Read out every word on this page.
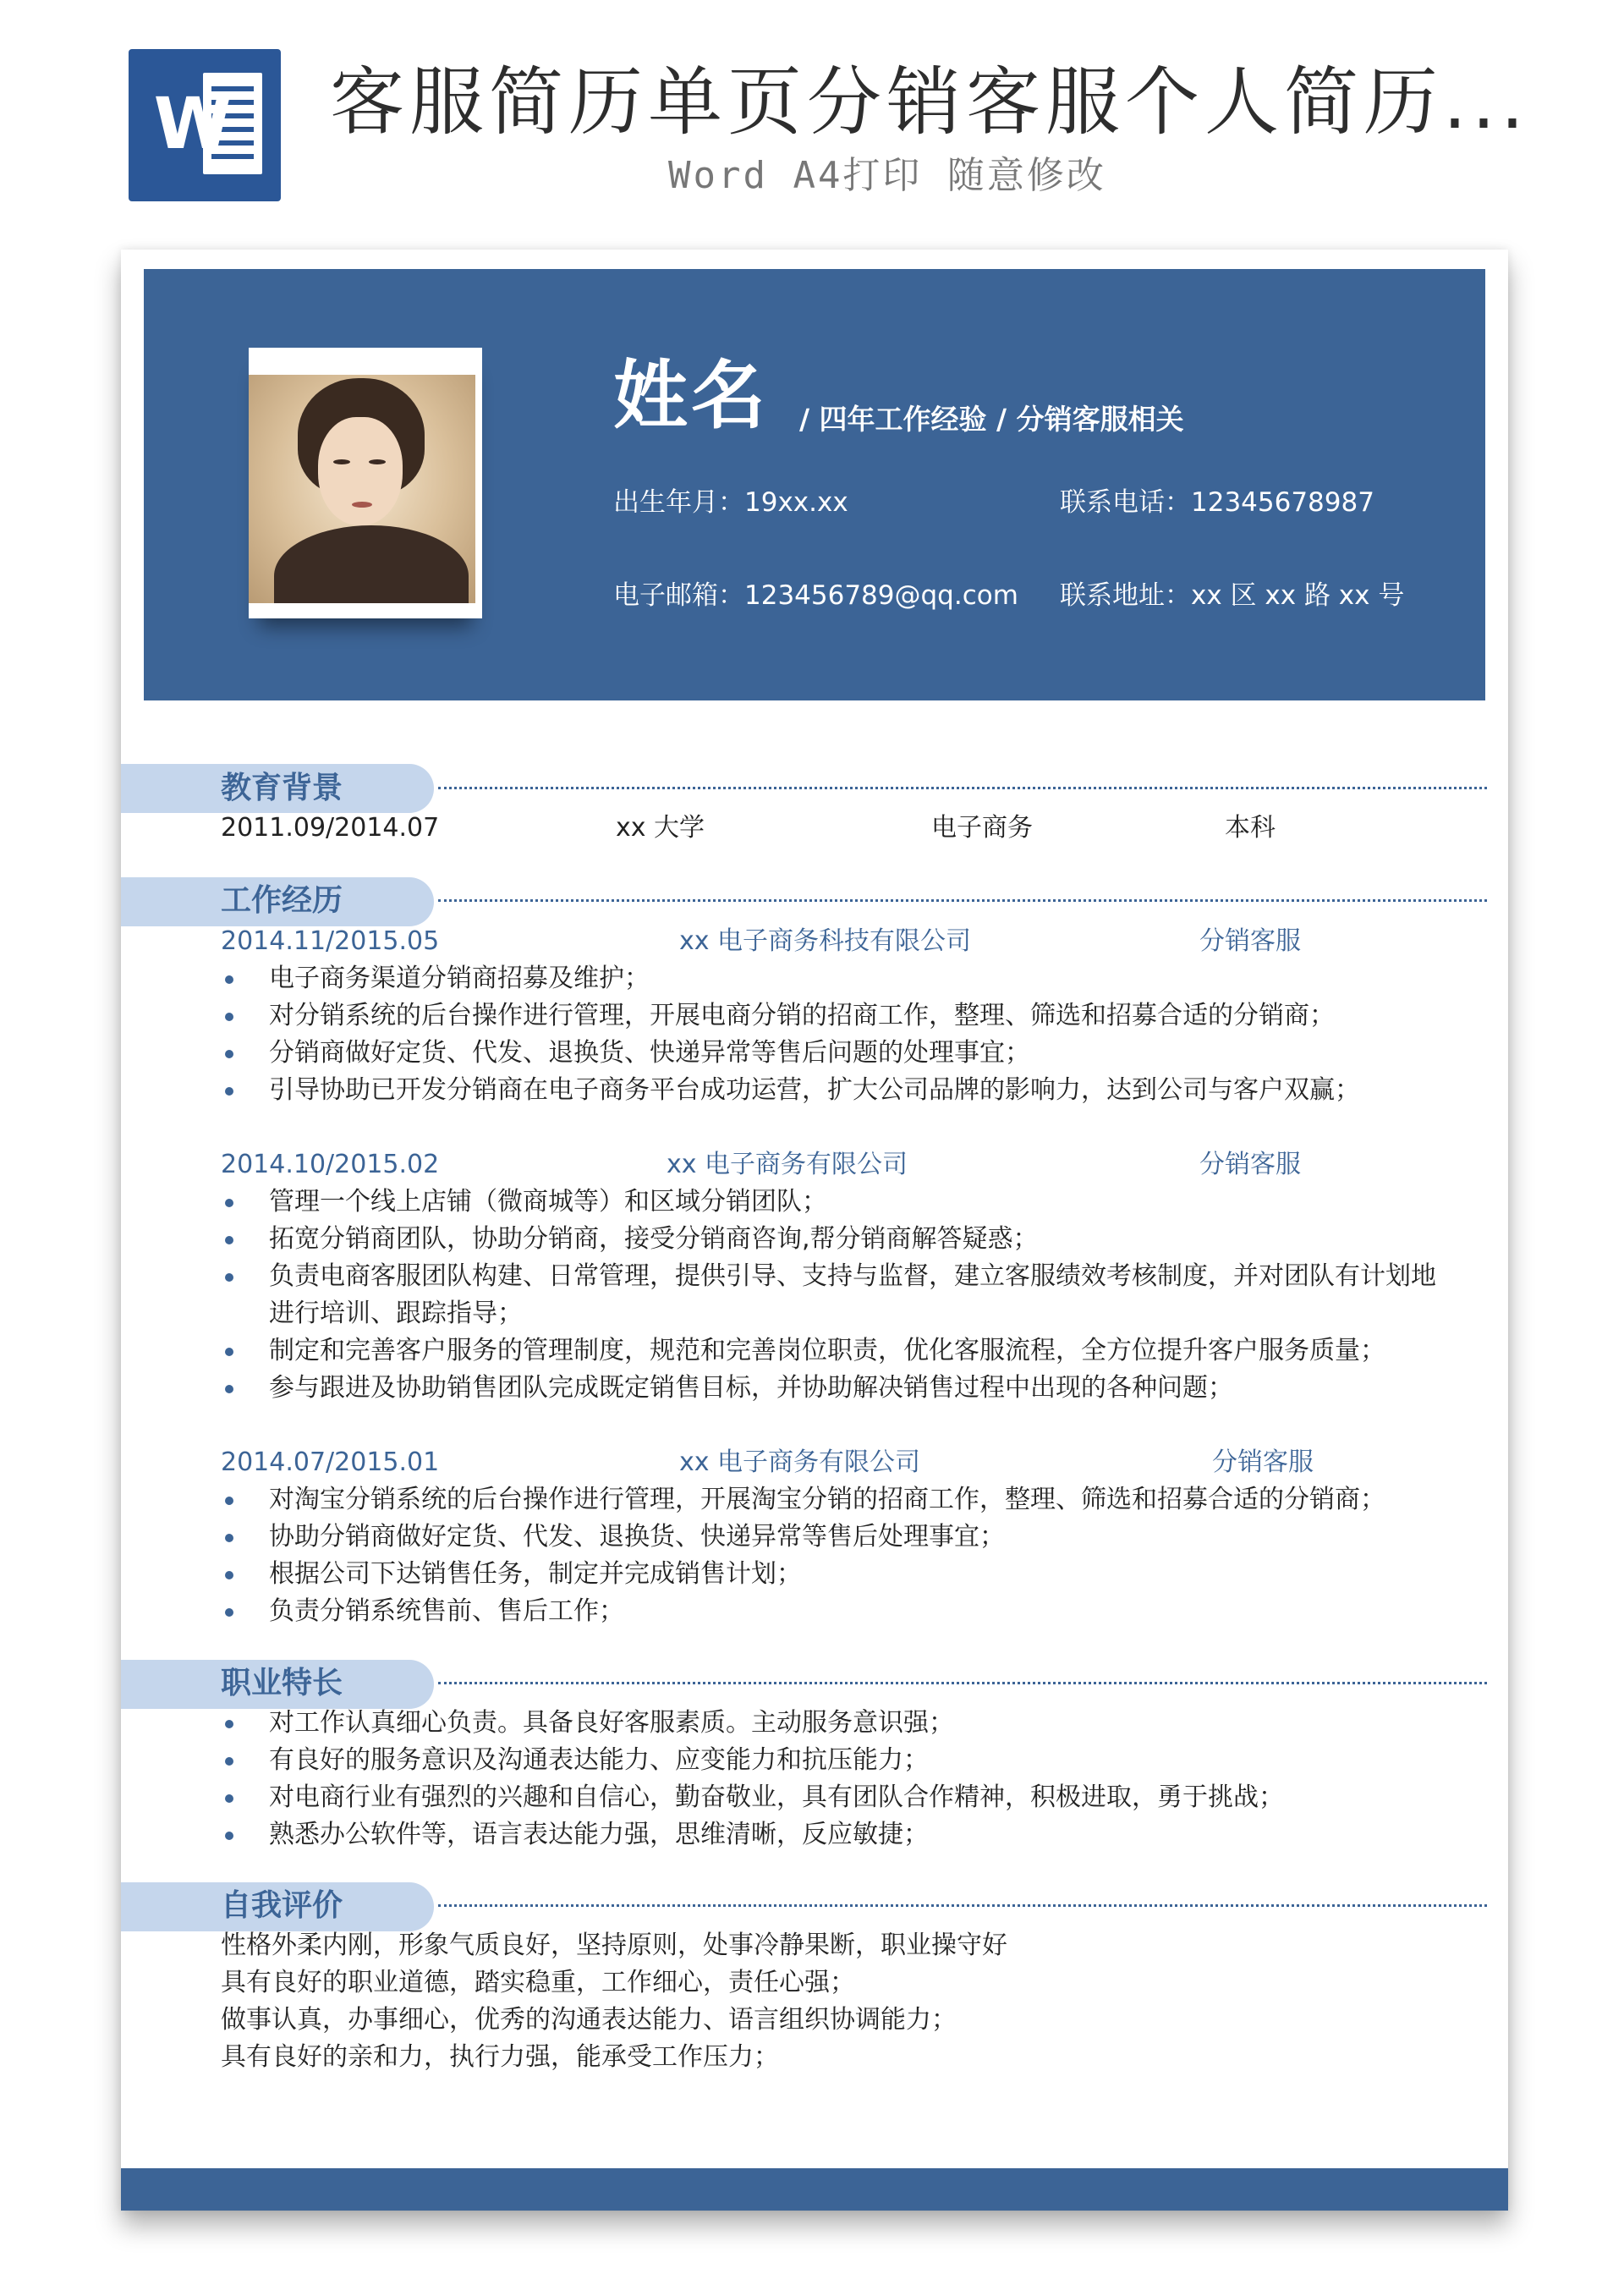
W 客服简历单页分销客服个人简历...
Word A4打印 随意修改
姓名 / 四年工作经验 / 分销客服相关
出生年月：19xx.xx	联系电话：12345678987
电子邮箱：123456789@qq.com 联系地址：xx 区 xx 路 xx 号
教育背景
2011.09/2014.07	xx 大学	电子商务	本科
工作经历
2014.11/2015.05	xx 电子商务科技有限公司	分销客服
电子商务渠道分销商招募及维护；
对分销系统的后台操作进行管理，开展电商分销的招商工作，整理、筛选和招募合适的分销商；
分销商做好定货、代发、退换货、快递异常等售后问题的处理事宜；
引导协助已开发分销商在电子商务平台成功运营，扩大公司品牌的影响力，达到公司与客户双赢；
2014.10/2015.02	xx 电子商务有限公司	分销客服
管理一个线上店铺（微商城等）和区域分销团队；
拓宽分销商团队，协助分销商，接受分销商咨询,帮分销商解答疑惑；
负责电商客服团队构建、日常管理，提供引导、支持与监督，建立客服绩效考核制度，并对团队有计划地进行培训、跟踪指导；
制定和完善客户服务的管理制度，规范和完善岗位职责，优化客服流程，全方位提升客户服务质量；
参与跟进及协助销售团队完成既定销售目标，并协助解决销售过程中出现的各种问题；
2014.07/2015.01	xx 电子商务有限公司	分销客服
对淘宝分销系统的后台操作进行管理，开展淘宝分销的招商工作，整理、筛选和招募合适的分销商；
协助分销商做好定货、代发、退换货、快递异常等售后处理事宜；
根据公司下达销售任务，制定并完成销售计划；
负责分销系统售前、售后工作；
职业特长
对工作认真细心负责。具备良好客服素质。主动服务意识强；
有良好的服务意识及沟通表达能力、应变能力和抗压能力；
对电商行业有强烈的兴趣和自信心，勤奋敬业，具有团队合作精神，积极进取，勇于挑战；
熟悉办公软件等，语言表达能力强，思维清晰，反应敏捷；
自我评价
性格外柔内刚，形象气质良好，坚持原则，处事冷静果断，职业操守好
具有良好的职业道德，踏实稳重，工作细心，责任心强；
做事认真，办事细心，优秀的沟通表达能力、语言组织协调能力；
具有良好的亲和力，执行力强，能承受工作压力；
